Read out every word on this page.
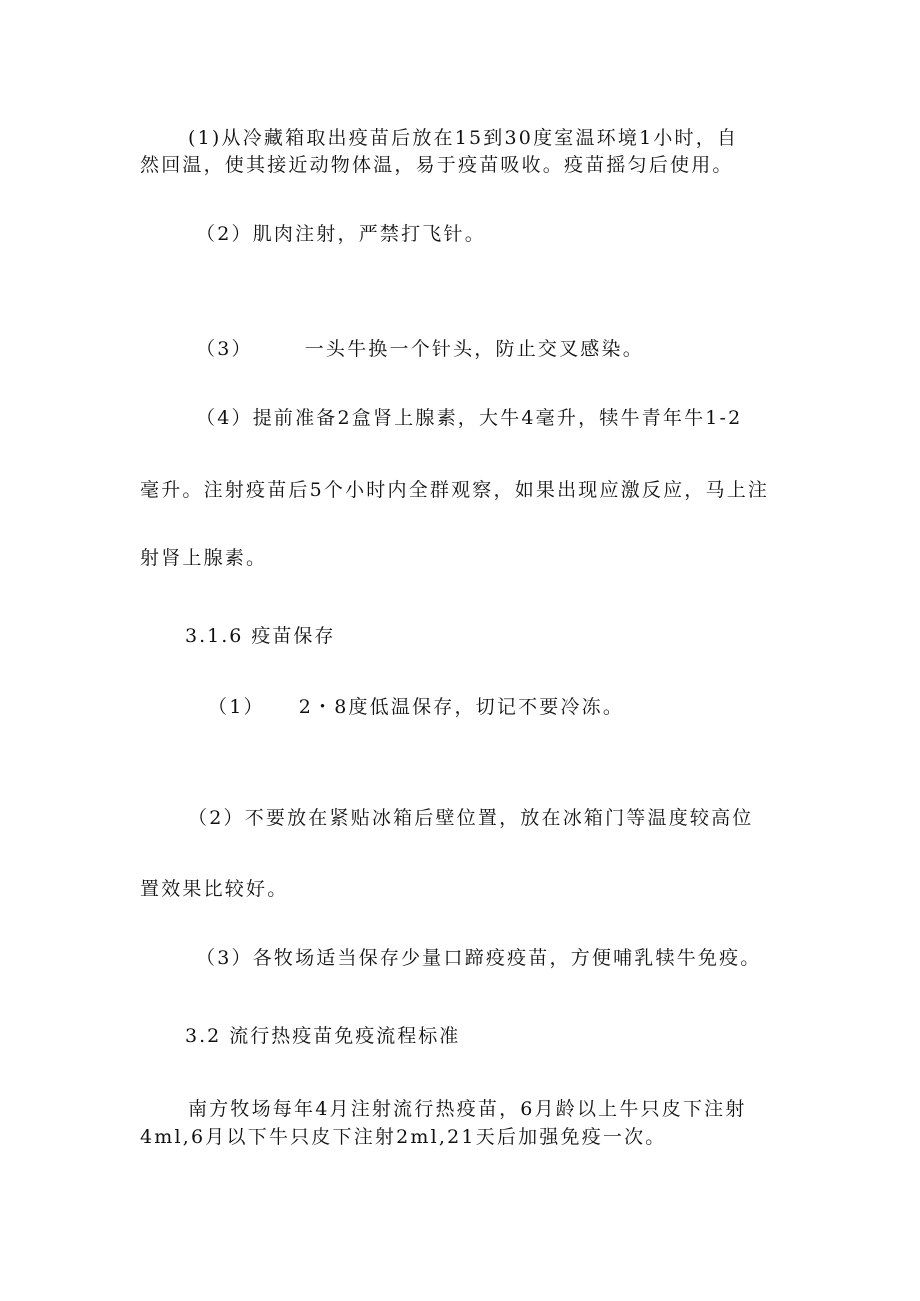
(1)从冷藏箱取出疫苗后放在15到30度室温环境1小时，自
然回温，使其接近动物体温，易于疫苗吸收。疫苗摇匀后使用。
（2）肌肉注射，严禁打飞针。
（3）	一头牛换一个针头，防止交叉感染。
（4）提前准备2盒肾上腺素，大牛4毫升，犊牛青年牛1-2
毫升。注射疫苗后5个小时内全群观察，如果出现应激反应，马上注
射肾上腺素。
3.1.6 疫苗保存
（1） 2・8度低温保存，切记不要冷冻。
（2）不要放在紧贴冰箱后壁位置，放在冰箱门等温度较高位
置效果比较好。
（3）各牧场适当保存少量口蹄疫疫苗，方便哺乳犊牛免疫。
3.2 流行热疫苗免疫流程标准
南方牧场每年4月注射流行热疫苗，6月龄以上牛只皮下注射
4ml,6月以下牛只皮下注射2ml,21天后加强免疫一次。
